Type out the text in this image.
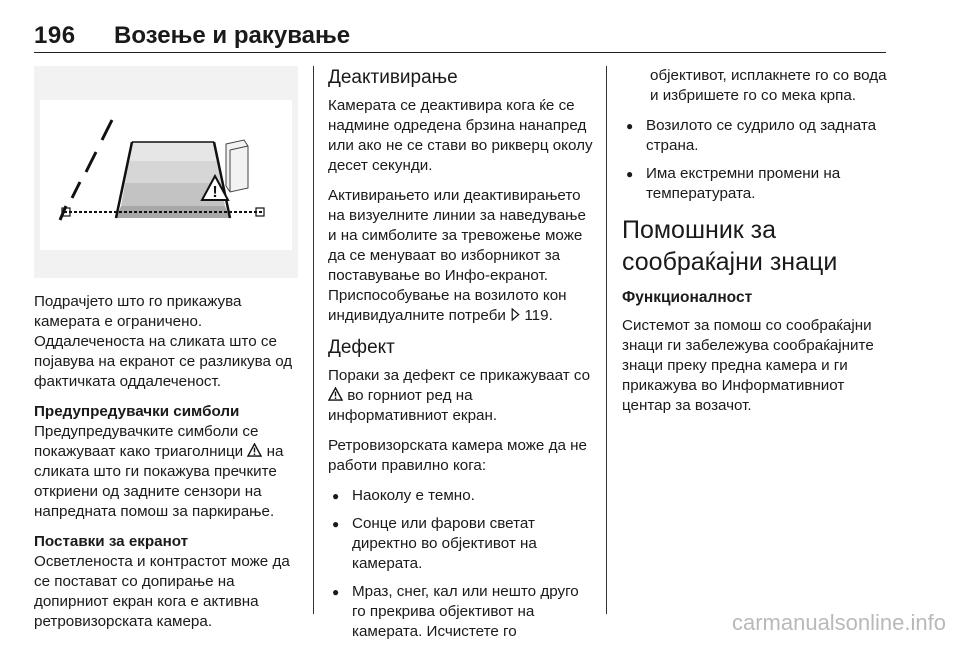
196 Возење и ракување
!

Подрачјето што го прикажува камерата е ограничено.

Оддалеченоста на сликата што се појавува на екранот се разликува од фактичката оддалеченост.

Предупредувачки симболи
Предупредувачките симболи се покажуваат како триаголници на сликата што ги покажува пречките откриени од задните сензори на напредната помош за паркирање.

Поставки за екранот
Осветленоста и контрастот може да се поставaт со допирање на допирниот екран кога е активна ретровизорската камера.

Деактивирање

Камерата се деактивира кога ќе се надмине одредена брзина нанапред или ако не се стави во рикверц околу десет секунди.

Активирањето или деактивирањето на визуелните линии за наведување и на симболите за тревожење може да се менуваат во изборникот за поставување во Инфо-екранот. Приспособување на возилото кон индивидуалните потреби 119.

Дефект

Пораки за дефект се прикажуваат со  во горниот ред на информативниот екран.

Ретровизорската камера може да не работи правилно кога:

● Наоколу е темно.
● Сонце или фарови светат директно во објективот на камерата.
● Мраз, снег, кал или нешто друго го прекрива објективот на камерата. Исчистете го

објективот, исплакнете го со вода и избришете го со мека крпа.

● Возилото се судрило од задната страна.
● Има екстремни промени на температурата.
Помошник за сообраќајни знаци
Функционалност

Системот за помош со сообраќајни знаци ги забележува сообраќајните знаци преку предна камера и ги прикажува во Информативниот центар за возачот.

carmanualsonline.info
